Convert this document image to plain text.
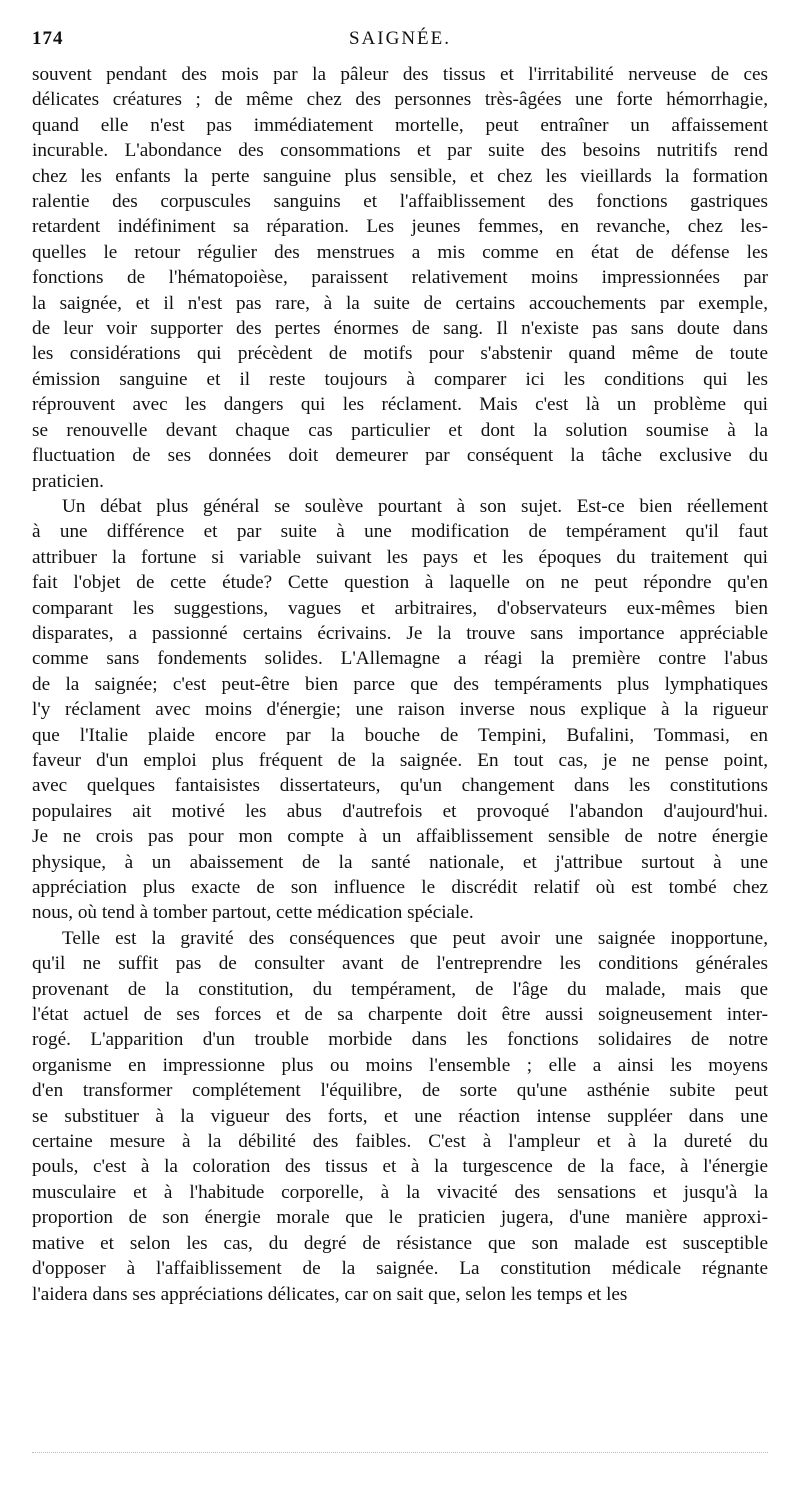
174	SAIGNÉE.

souvent pendant des mois par la pâleur des tissus et l'irritabilité nerveuse de ces
délicates créatures ; de même chez des personnes très-âgées une forte hémorrhagie,
quand elle n'est pas immédiatement mortelle, peut entraîner un affaissement
incurable. L'abondance des consommations et par suite des besoins nutritifs rend
chez les enfants la perte sanguine plus sensible, et chez les vieillards la formation
ralentie des corpuscules sanguins et l'affaiblissement des fonctions gastriques
retardent indéfiniment sa réparation. Les jeunes femmes, en revanche, chez les-
quelles le retour régulier des menstrues a mis comme en état de défense les
fonctions de l'hématopoièse, paraissent relativement moins impressionnées par
la saignée, et il n'est pas rare, à la suite de certains accouchements par exemple,
de leur voir supporter des pertes énormes de sang. Il n'existe pas sans doute dans
les considérations qui précèdent de motifs pour s'abstenir quand même de toute
émission sanguine et il reste toujours à comparer ici les conditions qui les
réprouvent avec les dangers qui les réclament. Mais c'est là un problème qui
se renouvelle devant chaque cas particulier et dont la solution soumise à la
fluctuation de ses données doit demeurer par conséquent la tâche exclusive du
praticien.

Un débat plus général se soulève pourtant à son sujet. Est-ce bien réellement
à une différence et par suite à une modification de tempérament qu'il faut
attribuer la fortune si variable suivant les pays et les époques du traitement qui
fait l'objet de cette étude? Cette question à laquelle on ne peut répondre qu'en
comparant les suggestions, vagues et arbitraires, d'observateurs eux-mêmes bien
disparates, a passionné certains écrivains. Je la trouve sans importance appréciable
comme sans fondements solides. L'Allemagne a réagi la première contre l'abus
de la saignée; c'est peut-être bien parce que des tempéraments plus lymphatiques
l'y réclament avec moins d'énergie; une raison inverse nous explique à la rigueur
que l'Italie plaide encore par la bouche de Tempini, Bufalini, Tommasi, en
faveur d'un emploi plus fréquent de la saignée. En tout cas, je ne pense point,
avec quelques fantaisistes dissertateurs, qu'un changement dans les constitutions
populaires ait motivé les abus d'autrefois et provoqué l'abandon d'aujourd'hui.
Je ne crois pas pour mon compte à un affaiblissement sensible de notre énergie
physique, à un abaissement de la santé nationale, et j'attribue surtout à une
appréciation plus exacte de son influence le discrédit relatif où est tombé chez
nous, où tend à tomber partout, cette médication spéciale.

Telle est la gravité des conséquences que peut avoir une saignée inopportune,
qu'il ne suffit pas de consulter avant de l'entreprendre les conditions générales
provenant de la constitution, du tempérament, de l'âge du malade, mais que
l'état actuel de ses forces et de sa charpente doit être aussi soigneusement inter-
rogé. L'apparition d'un trouble morbide dans les fonctions solidaires de notre
organisme en impressionne plus ou moins l'ensemble ; elle a ainsi les moyens
d'en transformer complétement l'équilibre, de sorte qu'une asthénie subite peut
se substituer à la vigueur des forts, et une réaction intense suppléer dans une
certaine mesure à la débilité des faibles. C'est à l'ampleur et à la dureté du
pouls, c'est à la coloration des tissus et à la turgescence de la face, à l'énergie
musculaire et à l'habitude corporelle, à la vivacité des sensations et jusqu'à la
proportion de son énergie morale que le praticien jugera, d'une manière approxi-
mative et selon les cas, du degré de résistance que son malade est susceptible
d'opposer à l'affaiblissement de la saignée. La constitution médicale régnante
l'aidera dans ses appréciations délicates, car on sait que, selon les temps et les
